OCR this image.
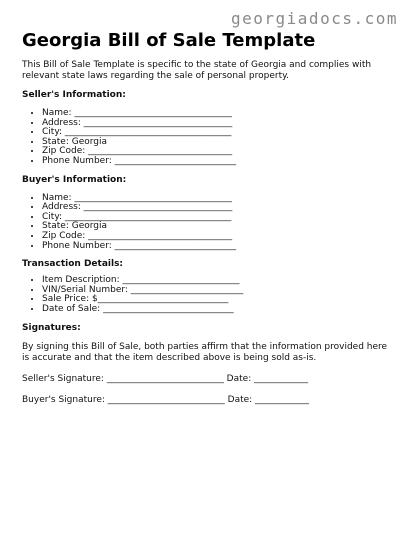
georgiadocs.com
Georgia Bill of Sale Template

This Bill of Sale Template is specific to the state of Georgia and complies with relevant state laws regarding the sale of personal property.

Seller's Information:
• Name: ___________________________________
• Address: _________________________________
• City: _____________________________________
• State: Georgia
• Zip Code: ________________________________
• Phone Number: ___________________________
Buyer's Information:
• Name: ___________________________________
• Address: _________________________________
• City: _____________________________________
• State: Georgia
• Zip Code: ________________________________
• Phone Number: ___________________________
Transaction Details:
• Item Description: __________________________
• VIN/Serial Number: _________________________
• Sale Price: $_____________________________
• Date of Sale: _____________________________
Signatures:

By signing this Bill of Sale, both parties affirm that the information provided here is accurate and that the item described above is being sold as-is.

Seller's Signature: __________________________ Date: ____________

Buyer's Signature: __________________________ Date: ____________
